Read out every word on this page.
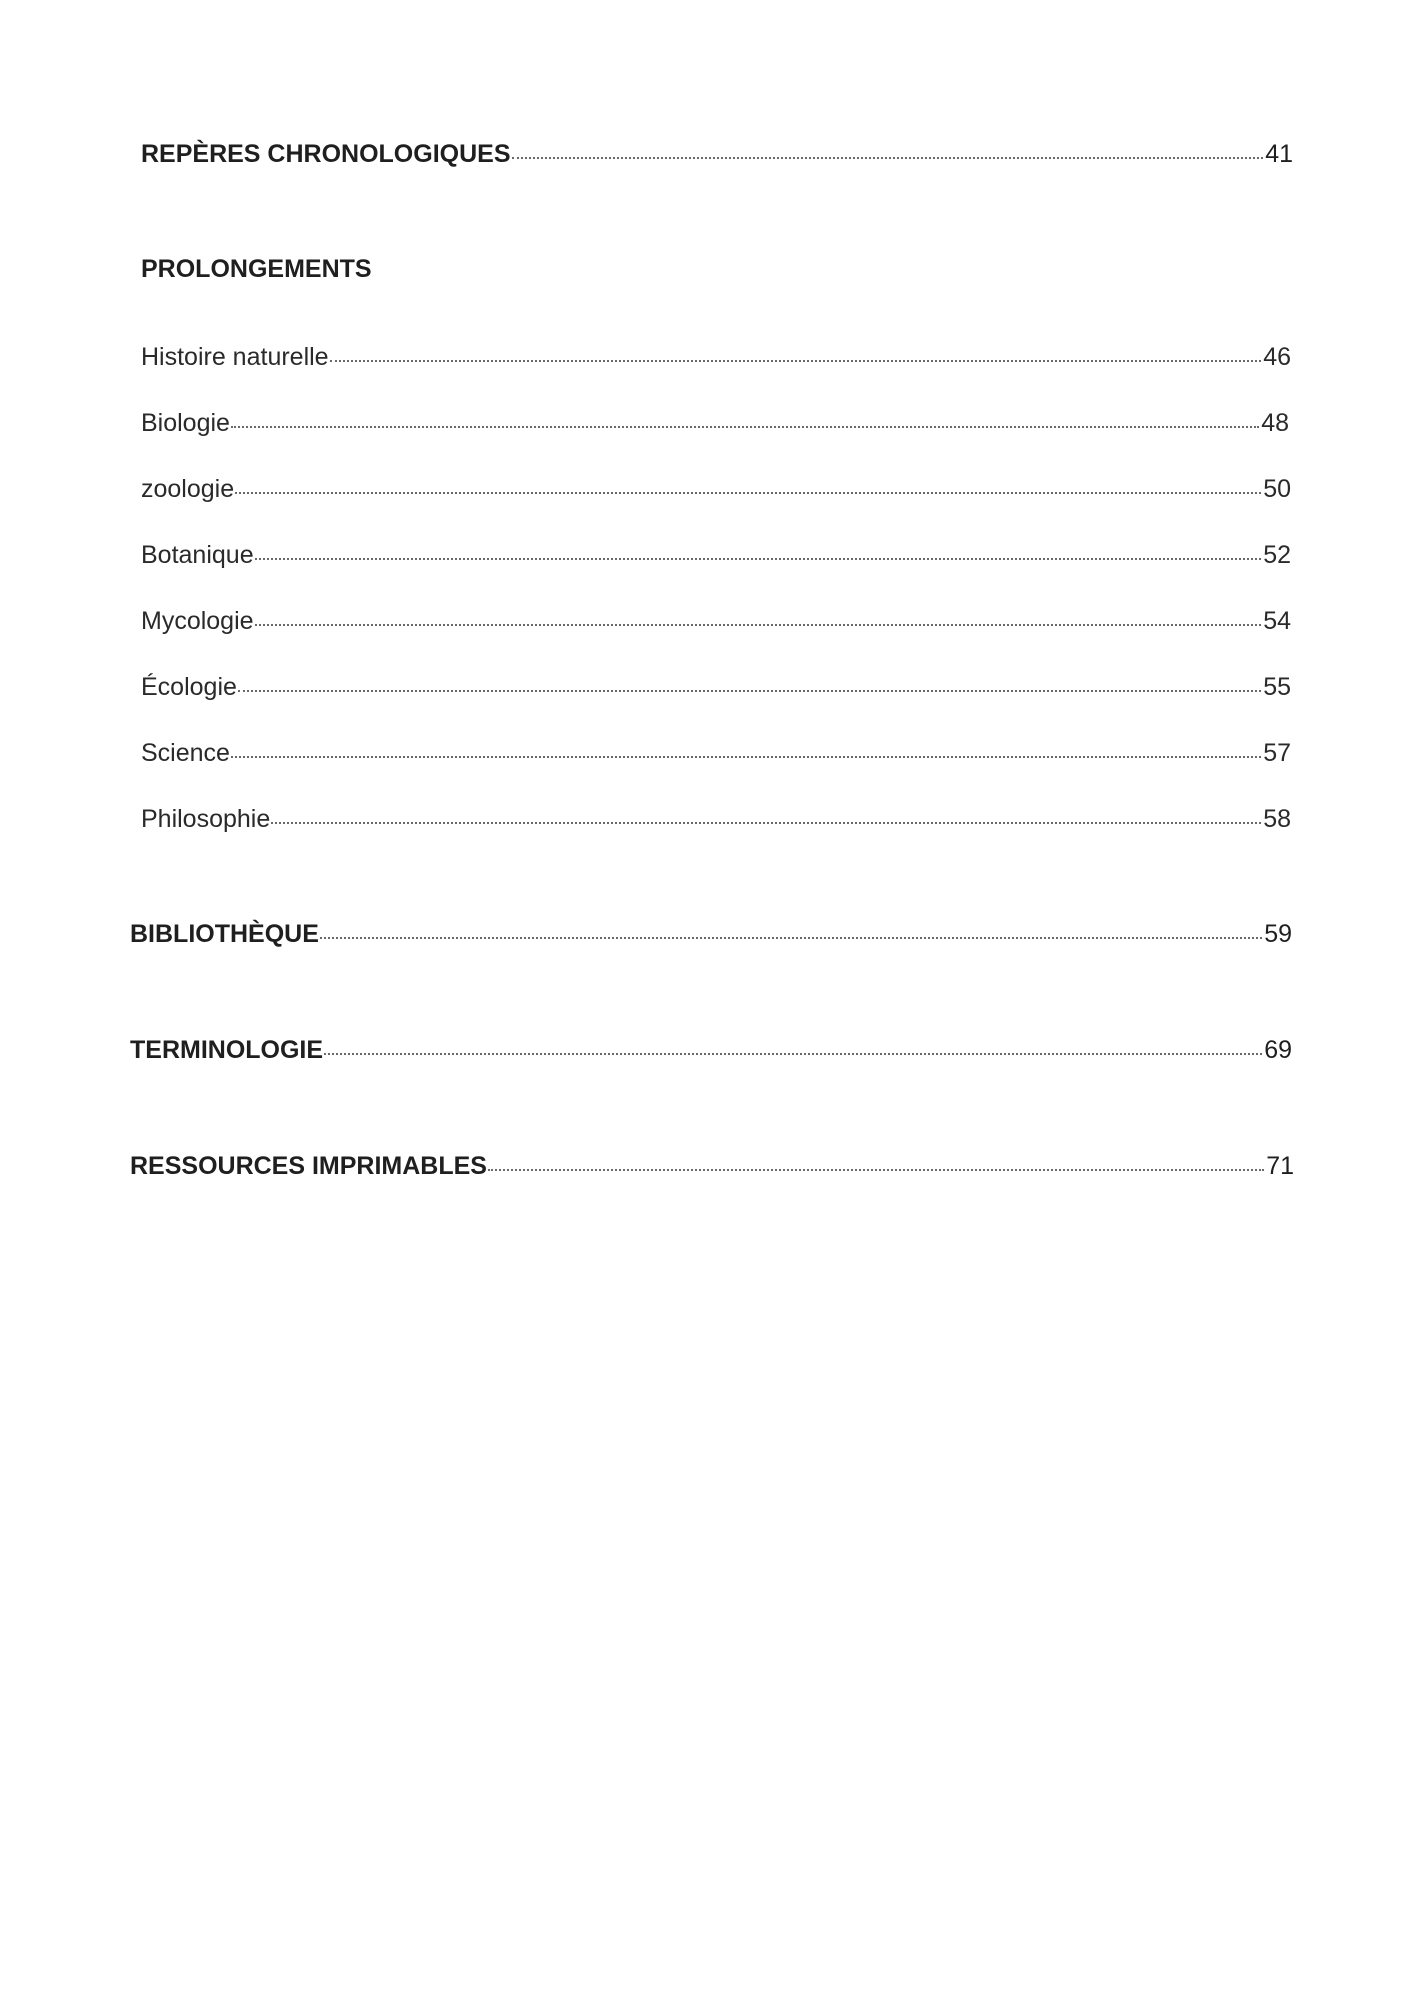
REPÈRES CHRONOLOGIQUES	41
PROLONGEMENTS
Histoire naturelle	46
Biologie	48
zoologie	50
Botanique	52
Mycologie	54
Écologie	55
Science	57
Philosophie	58
BIBLIOTHÈQUE	59
TERMINOLOGIE	69
RESSOURCES IMPRIMABLES	71
